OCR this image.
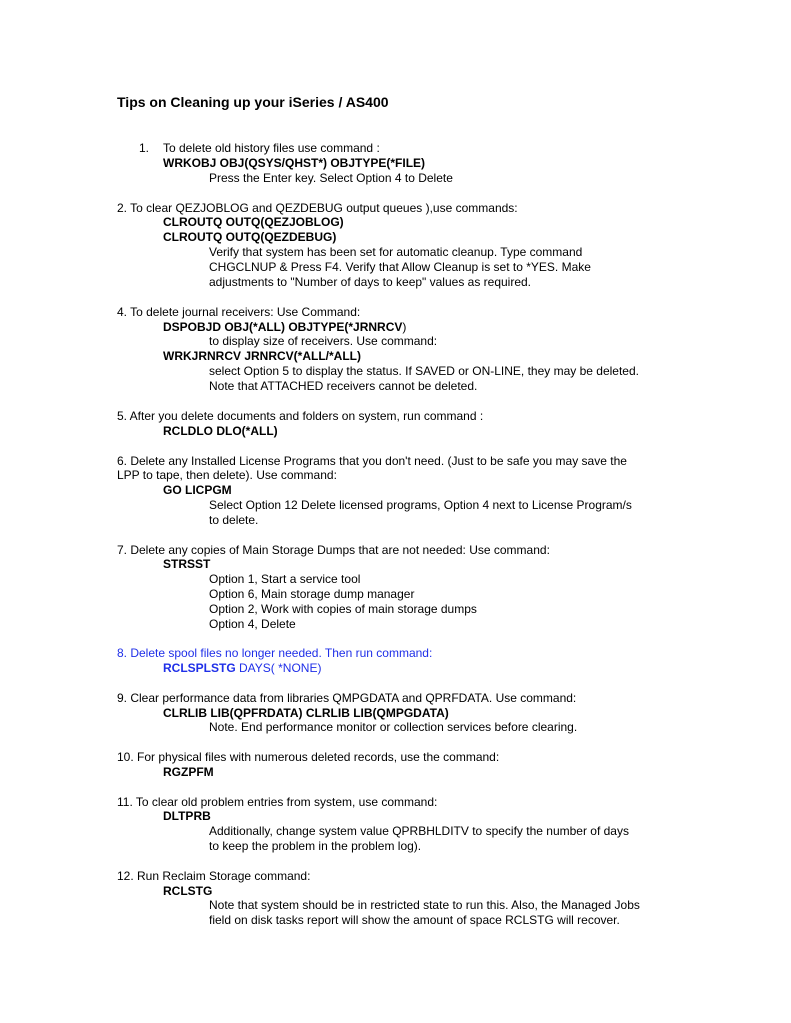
Tips on Cleaning up your iSeries / AS400
1. To delete old history files use command :
WRKOBJ OBJ(QSYS/QHST*) OBJTYPE(*FILE)
Press the Enter key. Select Option 4 to Delete
2. To clear QEZJOBLOG and QEZDEBUG output queues ),use commands:
CLROUTQ OUTQ(QEZJOBLOG)
CLROUTQ OUTQ(QEZDEBUG)
Verify that system has been set for automatic cleanup. Type command
CHGCLNUP & Press F4. Verify that Allow Cleanup is set to *YES. Make
adjustments to "Number of days to keep" values as required.
4. To delete journal receivers: Use Command:
DSPOBJD OBJ(*ALL) OBJTYPE(*JRNRCV)
to display size of receivers. Use command:
WRKJRNRCV JRNRCV(*ALL/*ALL)
select Option 5 to display the status. If SAVED or ON-LINE, they may be deleted.
Note that ATTACHED receivers cannot be deleted.
5. After you delete documents and folders on system, run command :
RCLDLO DLO(*ALL)
6. Delete any Installed License Programs that you don't need. (Just to be safe you may save the
LPP to tape, then delete). Use command:
GO LICPGM
Select Option 12 Delete licensed programs, Option 4 next to License Program/s
to delete.
7. Delete any copies of Main Storage Dumps that are not needed: Use command:
STRSST
Option 1, Start a service tool
Option 6, Main storage dump manager
Option 2, Work with copies of main storage dumps
Option 4, Delete
8. Delete spool files no longer needed. Then run command:
RCLSPLSTG DAYS( *NONE)
9. Clear performance data from libraries QMPGDATA and QPRFDATA. Use command:
CLRLIB LIB(QPFRDATA) CLRLIB LIB(QMPGDATA)
Note. End performance monitor or collection services before clearing.
10. For physical files with numerous deleted records, use the command:
RGZPFM
11. To clear old problem entries from system, use command:
DLTPRB
Additionally, change system value QPRBHLDITV to specify the number of days
to keep the problem in the problem log).
12. Run Reclaim Storage command:
RCLSTG
Note that system should be in restricted state to run this. Also, the Managed Jobs
field on disk tasks report will show the amount of space RCLSTG will recover.
